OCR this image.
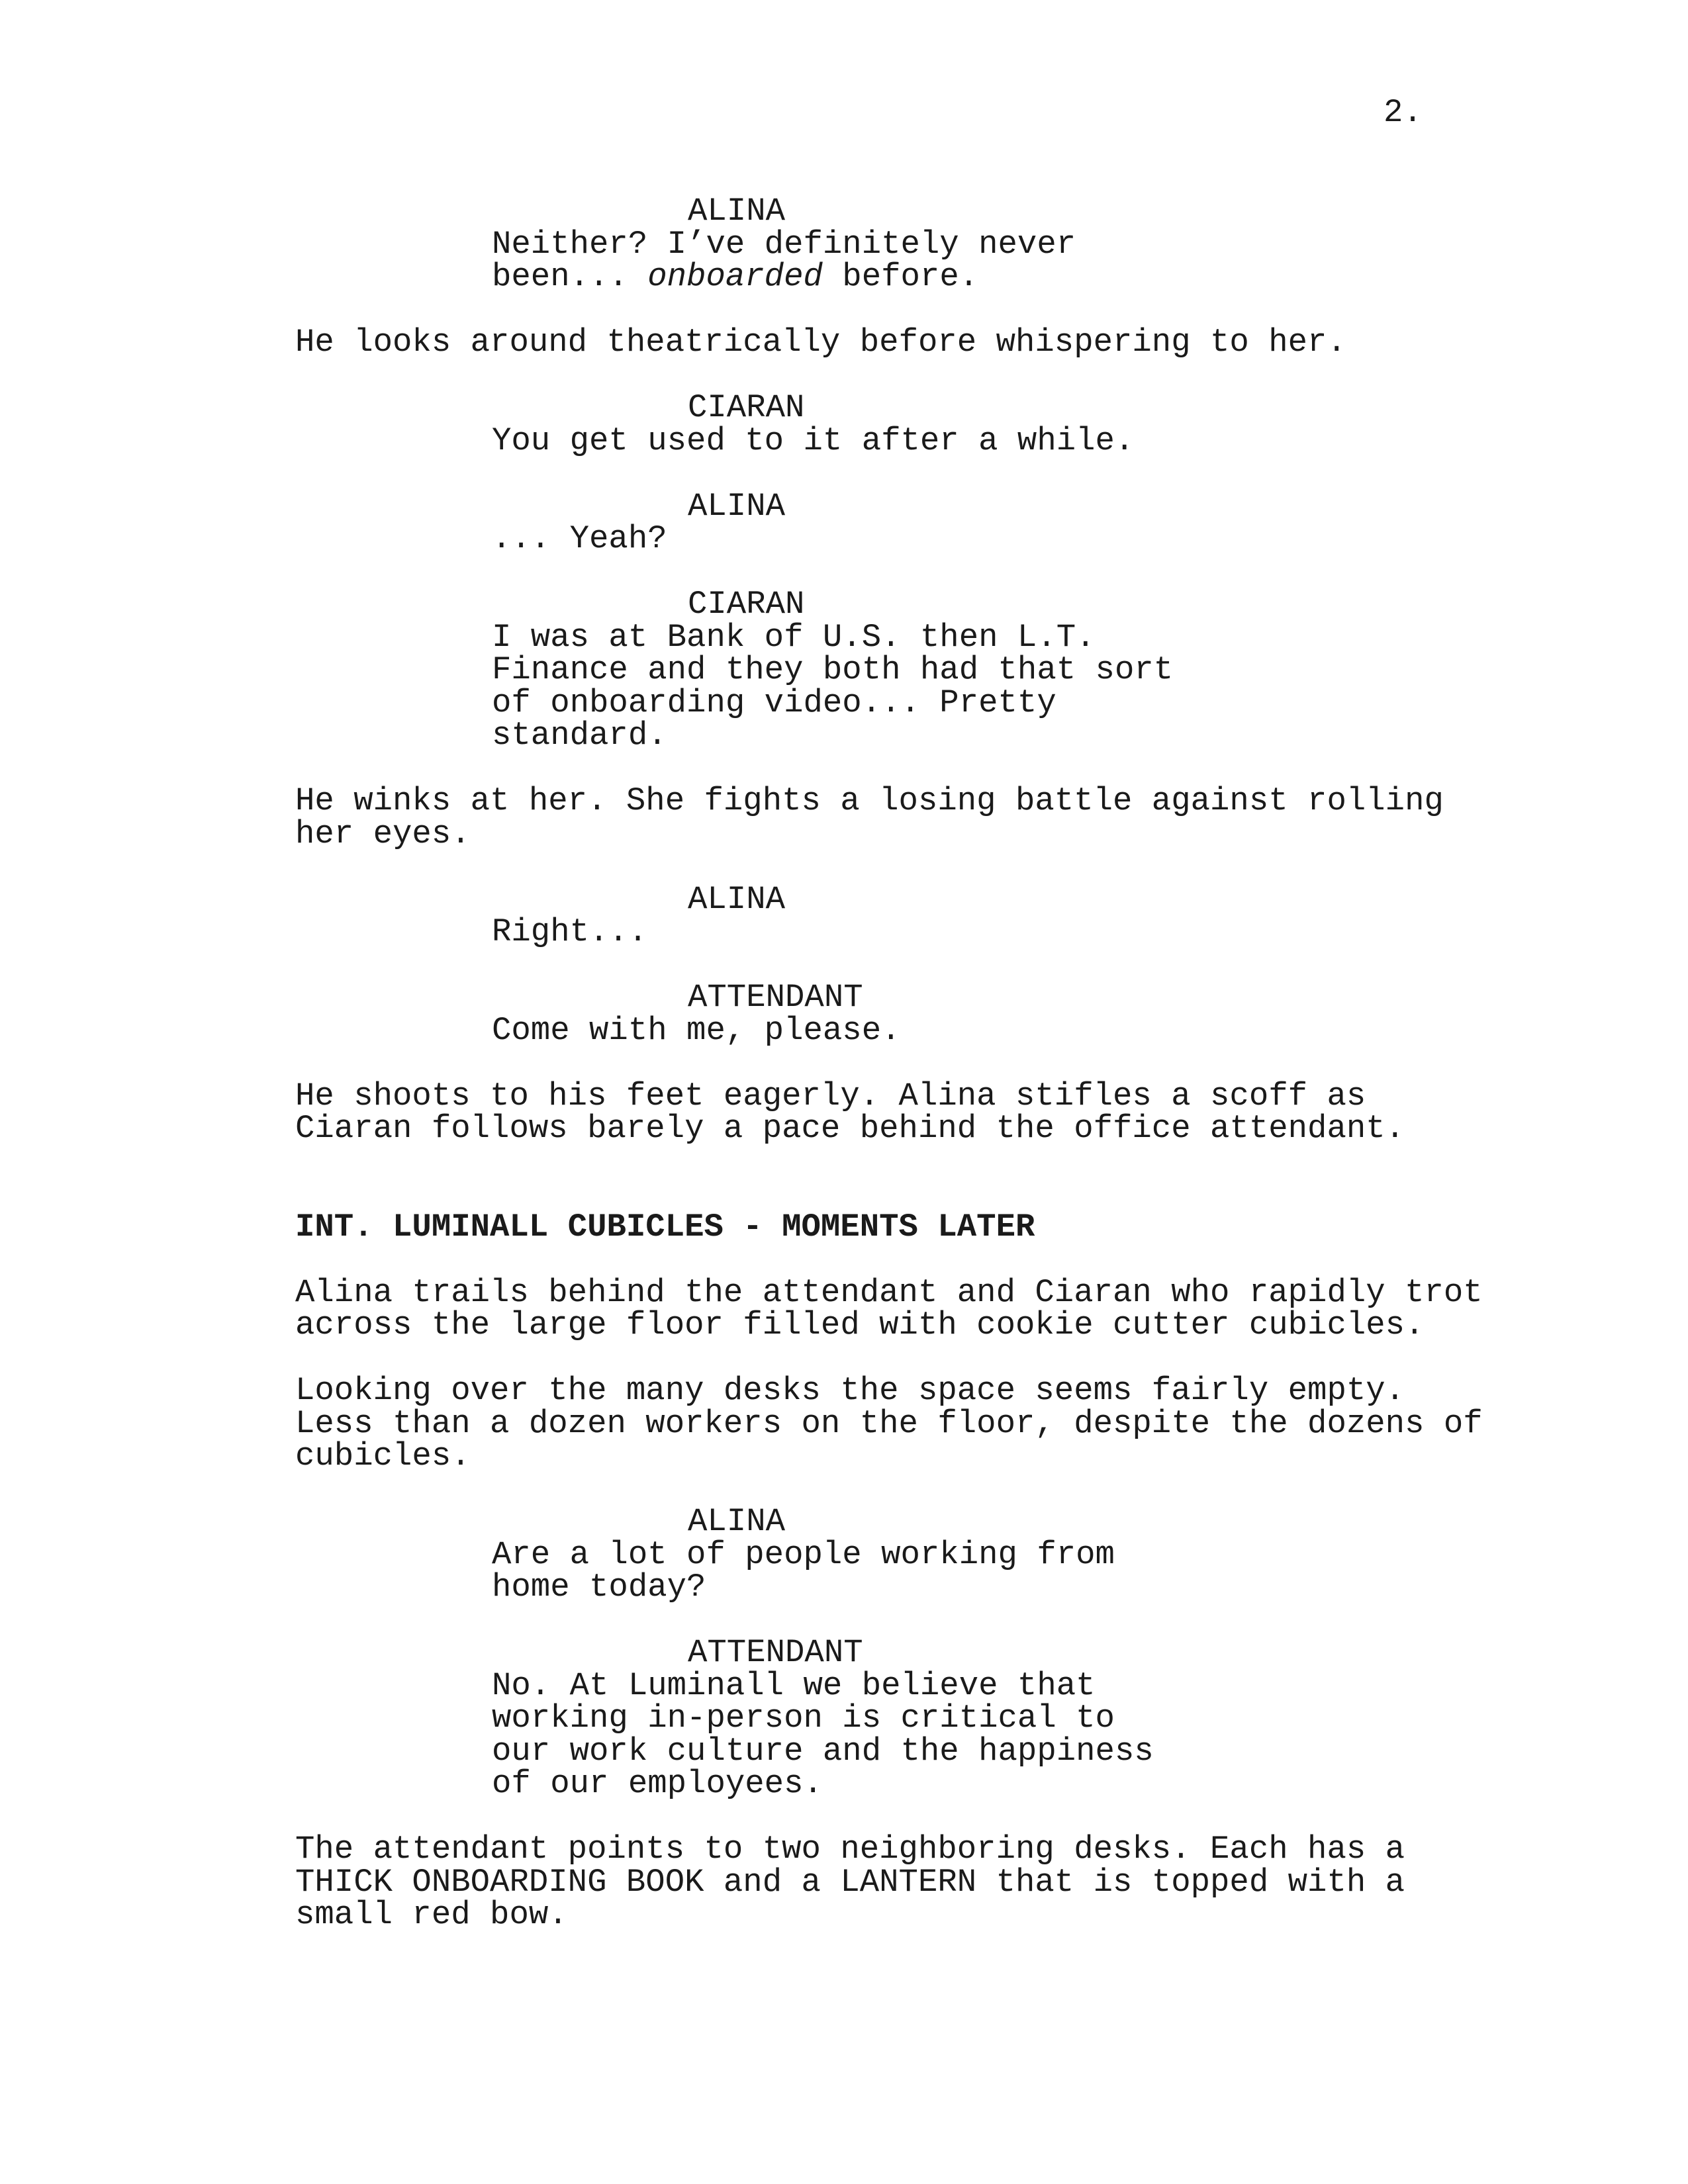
2.
ALINA
Neither? I’ve definitely never
been... onboarded before.
He looks around theatrically before whispering to her.
CIARAN
You get used to it after a while.
ALINA
... Yeah?
CIARAN
I was at Bank of U.S. then L.T.
Finance and they both had that sort
of onboarding video... Pretty
standard.
He winks at her. She fights a losing battle against rolling
her eyes.
ALINA
Right...
ATTENDANT
Come with me, please.
He shoots to his feet eagerly. Alina stifles a scoff as
Ciaran follows barely a pace behind the office attendant.
INT. LUMINALL CUBICLES - MOMENTS LATER
Alina trails behind the attendant and Ciaran who rapidly trot
across the large floor filled with cookie cutter cubicles.
Looking over the many desks the space seems fairly empty.
Less than a dozen workers on the floor, despite the dozens of
cubicles.
ALINA
Are a lot of people working from
home today?
ATTENDANT
No. At Luminall we believe that
working in-person is critical to
our work culture and the happiness
of our employees.
The attendant points to two neighboring desks. Each has a
THICK ONBOARDING BOOK and a LANTERN that is topped with a
small red bow.
